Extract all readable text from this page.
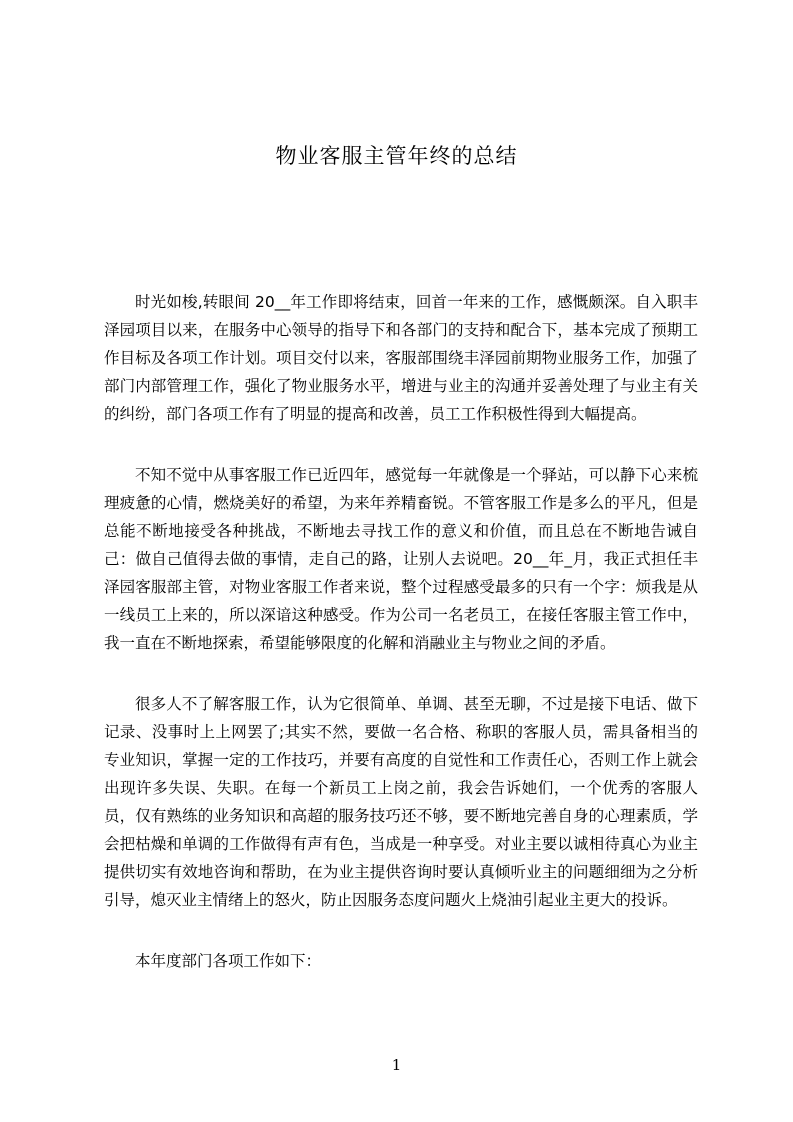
物业客服主管年终的总结

时光如梭,转眼间 20__年工作即将结束，回首一年来的工作，感慨颇深。自入职丰泽园项目以来，在服务中心领导的指导下和各部门的支持和配合下，基本完成了预期工作目标及各项工作计划。项目交付以来，客服部围绕丰泽园前期物业服务工作，加强了部门内部管理工作，强化了物业服务水平，增进与业主的沟通并妥善处理了与业主有关的纠纷，部门各项工作有了明显的提高和改善，员工工作积极性得到大幅提高。

不知不觉中从事客服工作已近四年，感觉每一年就像是一个驿站，可以静下心来梳理疲惫的心情，燃烧美好的希望，为来年养精畜锐。不管客服工作是多么的平凡，但是总能不断地接受各种挑战，不断地去寻找工作的意义和价值，而且总在不断地告诫自己：做自己值得去做的事情，走自己的路，让别人去说吧。20__年_月，我正式担任丰泽园客服部主管，对物业客服工作者来说，整个过程感受最多的只有一个字：烦我是从一线员工上来的，所以深谙这种感受。作为公司一名老员工，在接任客服主管工作中，我一直在不断地探索，希望能够限度的化解和消融业主与物业之间的矛盾。

很多人不了解客服工作，认为它很简单、单调、甚至无聊，不过是接下电话、做下记录、没事时上上网罢了;其实不然，要做一名合格、称职的客服人员，需具备相当的专业知识，掌握一定的工作技巧，并要有高度的自觉性和工作责任心，否则工作上就会出现许多失误、失职。在每一个新员工上岗之前，我会告诉她们，一个优秀的客服人员，仅有熟练的业务知识和高超的服务技巧还不够，要不断地完善自身的心理素质，学会把枯燥和单调的工作做得有声有色，当成是一种享受。对业主要以诚相待真心为业主提供切实有效地咨询和帮助，在为业主提供咨询时要认真倾听业主的问题细细为之分析引导，熄灭业主情绪上的怒火，防止因服务态度问题火上烧油引起业主更大的投诉。

本年度部门各项工作如下：

1
